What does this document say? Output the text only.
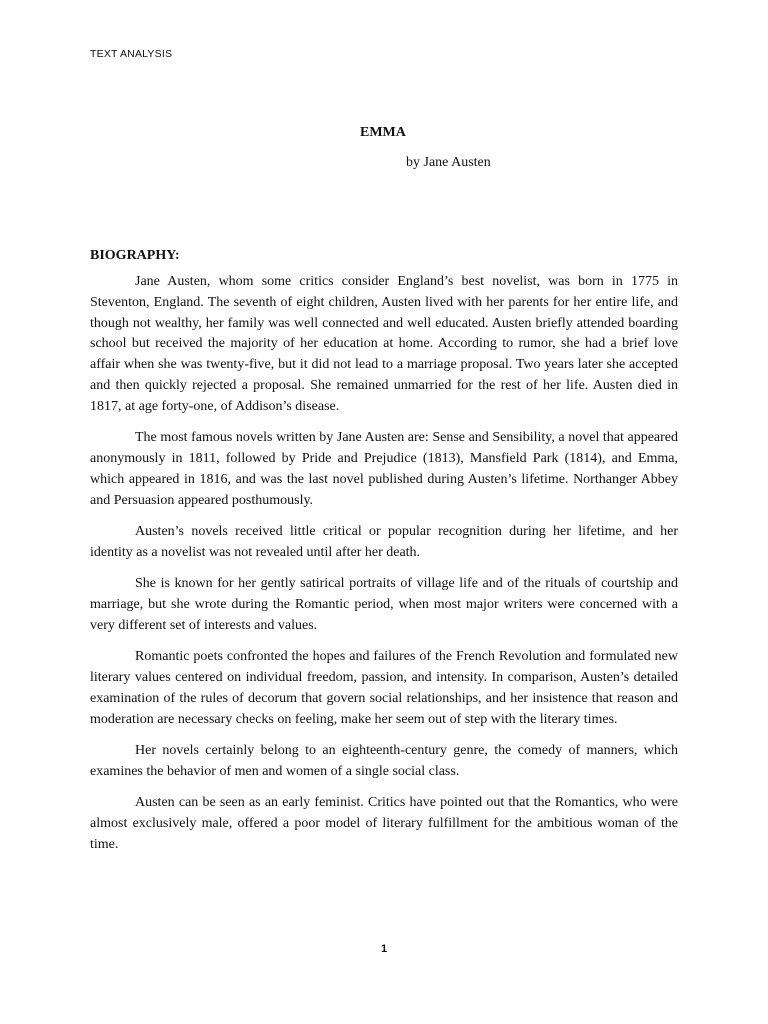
TEXT ANALYSIS
EMMA
by Jane Austen
BIOGRAPHY:

Jane Austen, whom some critics consider England’s best novelist, was born in 1775 in Steventon, England. The seventh of eight children, Austen lived with her parents for her entire life, and though not wealthy, her family was well connected and well educated. Austen briefly attended boarding school but received the majority of her education at home. According to rumor, she had a brief love affair when she was twenty-five, but it did not lead to a marriage proposal. Two years later she accepted and then quickly rejected a proposal. She remained unmarried for the rest of her life. Austen died in 1817, at age forty-one, of Addison’s disease.

The most famous novels written by Jane Austen are: Sense and Sensibility, a novel that appeared anonymously in 1811, followed by Pride and Prejudice (1813), Mansfield Park (1814), and Emma, which appeared in 1816, and was the last novel published during Austen’s lifetime. Northanger Abbey and Persuasion appeared posthumously.

Austen’s novels received little critical or popular recognition during her lifetime, and her identity as a novelist was not revealed until after her death.

She is known for her gently satirical portraits of village life and of the rituals of courtship and marriage, but she wrote during the Romantic period, when most major writers were concerned with a very different set of interests and values.

Romantic poets confronted the hopes and failures of the French Revolution and formulated new literary values centered on individual freedom, passion, and intensity. In comparison, Austen’s detailed examination of the rules of decorum that govern social relationships, and her insistence that reason and moderation are necessary checks on feeling, make her seem out of step with the literary times.

Her novels certainly belong to an eighteenth-century genre, the comedy of manners, which examines the behavior of men and women of a single social class.

Austen can be seen as an early feminist. Critics have pointed out that the Romantics, who were almost exclusively male, offered a poor model of literary fulfillment for the ambitious woman of the time.

1
